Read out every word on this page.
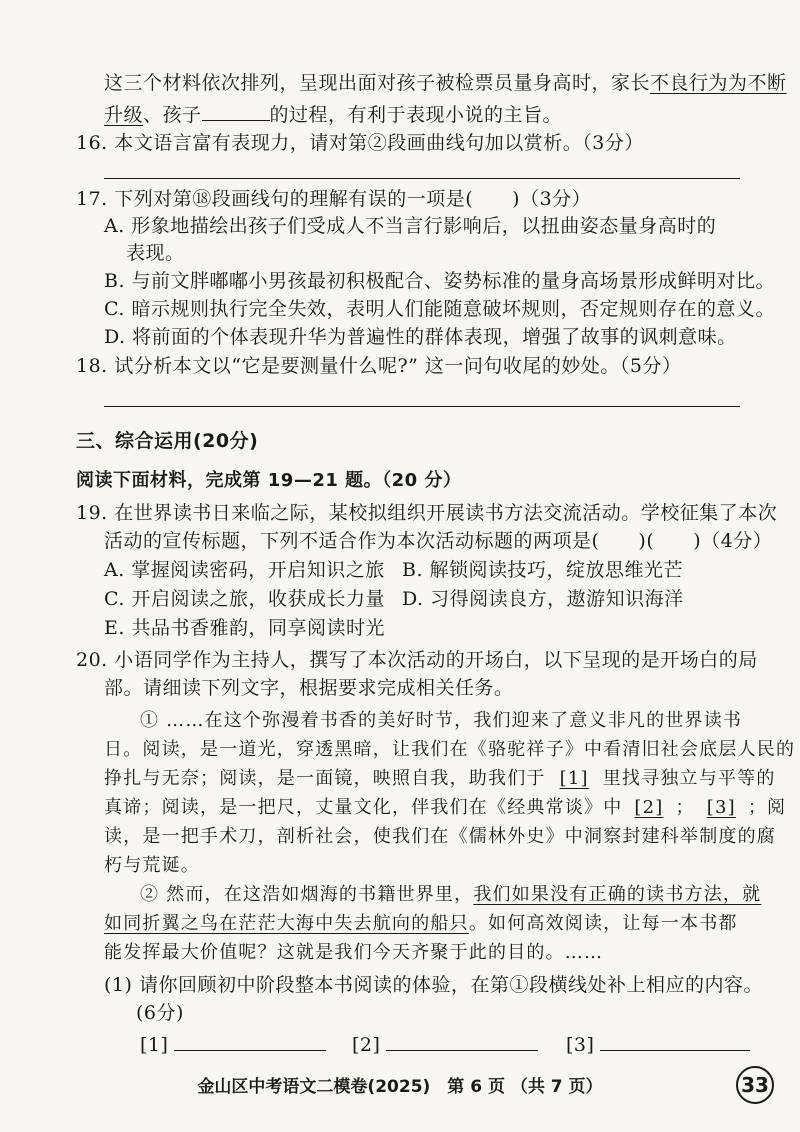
这三个材料依次排列，呈现出面对孩子被检票员量身高时，家长不良行为为不断
升级、孩子	的过程，有利于表现小说的主旨。
16. 本文语言富有表现力，请对第②段画曲线句加以赏析。（3分）
17. 下列对第⑱段画线句的理解有误的一项是(　　)（3分）
A. 形象地描绘出孩子们受成人不当言行影响后，以扭曲姿态量身高时的
表现。
B. 与前文胖嘟嘟小男孩最初积极配合、姿势标准的量身高场景形成鲜明对比。
C. 暗示规则执行完全失效，表明人们能随意破坏规则，否定规则存在的意义。
D. 将前面的个体表现升华为普遍性的群体表现，增强了故事的讽刺意味。
18. 试分析本文以“它是要测量什么呢?” 这一问句收尾的妙处。（5分）
三、综合运用(20分)
阅读下面材料，完成第 19—21 题。（20 分）
19. 在世界读书日来临之际，某校拟组织开展读书方法交流活动。学校征集了本次
活动的宣传标题，下列不适合作为本次活动标题的两项是(　　)(　　)（4分）
A. 掌握阅读密码，开启知识之旅 B. 解锁阅读技巧，绽放思维光芒
C. 开启阅读之旅，收获成长力量 D. 习得阅读良方，遨游知识海洋
E. 共品书香雅韵，同享阅读时光
20. 小语同学作为主持人，撰写了本次活动的开场白，以下呈现的是开场白的局
部。请细读下列文字，根据要求完成相关任务。
① ……在这个弥漫着书香的美好时节，我们迎来了意义非凡的世界读书
日。阅读，是一道光，穿透黑暗，让我们在《骆驼祥子》中看清旧社会底层人民的
挣扎与无奈；阅读，是一面镜，映照自我，助我们于 [1] 里找寻独立与平等的
真谛；阅读，是一把尺，丈量文化，伴我们在《经典常谈》中 [2] ； [3] ；阅
读，是一把手术刀，剖析社会，使我们在《儒林外史》中洞察封建科举制度的腐
朽与荒诞。
② 然而，在这浩如烟海的书籍世界里，我们如果没有正确的读书方法，就
如同折翼之鸟在茫茫大海中失去航向的船只。如何高效阅读，让每一本书都
能发挥最大价值呢？这就是我们今天齐聚于此的目的。……
(1) 请你回顾初中阶段整本书阅读的体验，在第①段横线处补上相应的内容。
(6分)
[1]	[2]	[3]
金山区中考语文二模卷(2025)　第 6 页 （共 7 页）	33
